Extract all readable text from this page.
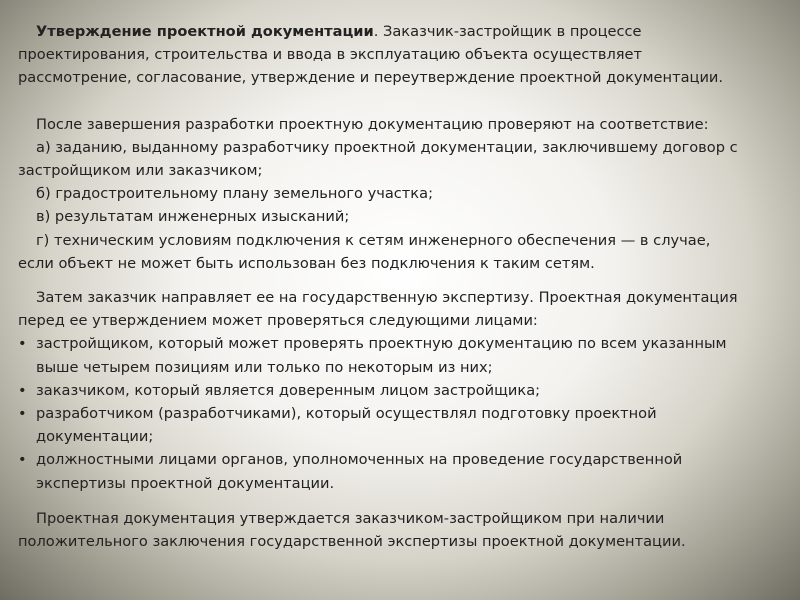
Утверждение проектной документации. Заказчик-застройщик в процессе
проектирования, строительства и ввода в эксплуатацию объекта осуществляет
рассмотрение, согласование, утверждение и переутверждение проектной документации.
После завершения разработки проектную документацию проверяют на соответствие:
а) заданию, выданному разработчику проектной документации, заключившему договор с
застройщиком или заказчиком;
б) градостроительному плану земельного участка;
в) результатам инженерных изысканий;
г) техническим условиям подключения к сетям инженерного обеспечения — в случае,
если объект не может быть использован без подключения к таким сетям.
Затем заказчик направляет ее на государственную экспертизу. Проектная документация
перед ее утверждением может проверяться следующими лицами:
• застройщиком, который может проверять проектную документацию по всем указанным
выше четырем позициям или только по некоторым из них;
• заказчиком, который является доверенным лицом застройщика;
• разработчиком (разработчиками), который осуществлял подготовку проектной
документации;
• должностными лицами органов, уполномоченных на проведение государственной
экспертизы проектной документации.
Проектная документация утверждается заказчиком-застройщиком при наличии
положительного заключения государственной экспертизы проектной документации.
